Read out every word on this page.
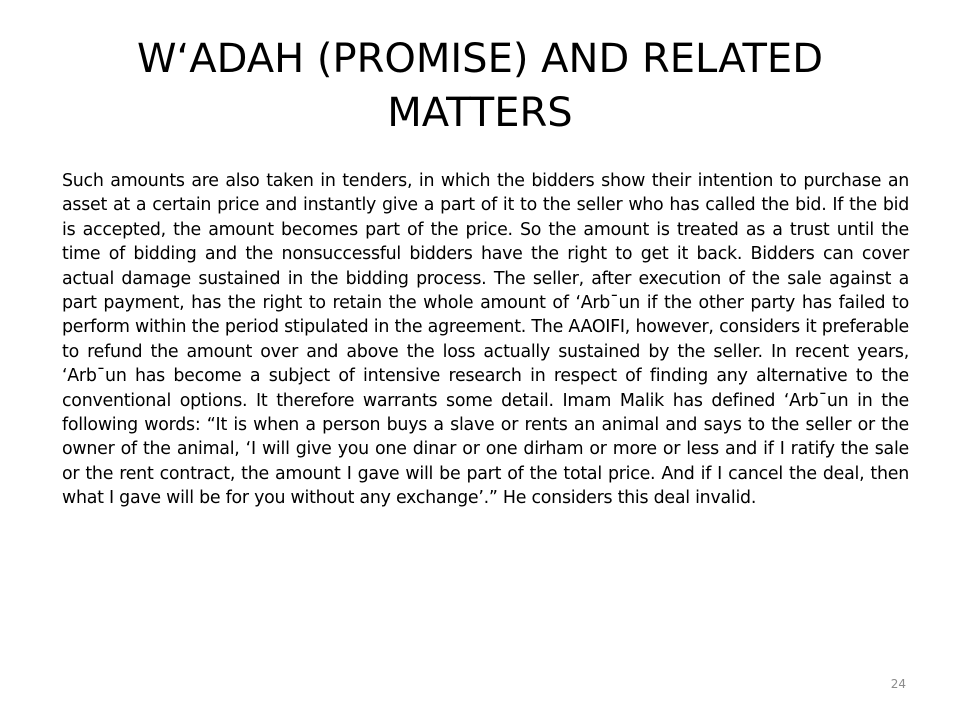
W‘ADAH (PROMISE) AND RELATED MATTERS

Such amounts are also taken in tenders, in which the bidders show their intention to purchase an asset at a certain price and instantly give a part of it to the seller who has called the bid. If the bid is accepted, the amount becomes part of the price. So the amount is treated as a trust until the time of bidding and the nonsuccessful bidders have the right to get it back. Bidders can cover actual damage sustained in the bidding process. The seller, after execution of the sale against a part payment, has the right to retain the whole amount of ‘Arb¯un if the other party has failed to perform within the period stipulated in the agreement. The AAOIFI, however, considers it preferable to refund the amount over and above the loss actually sustained by the seller. In recent years, ‘Arb¯un has become a subject of intensive research in respect of finding any alternative to the conventional options. It therefore warrants some detail. Imam Malik has defined ‘Arb¯un in the following words: “It is when a person buys a slave or rents an animal and says to the seller or the owner of the animal, ‘I will give you one dinar or one dirham or more or less and if I ratify the sale or the rent contract, the amount I gave will be part of the total price. And if I cancel the deal, then what I gave will be for you without any exchange’.” He considers this deal invalid.

24
